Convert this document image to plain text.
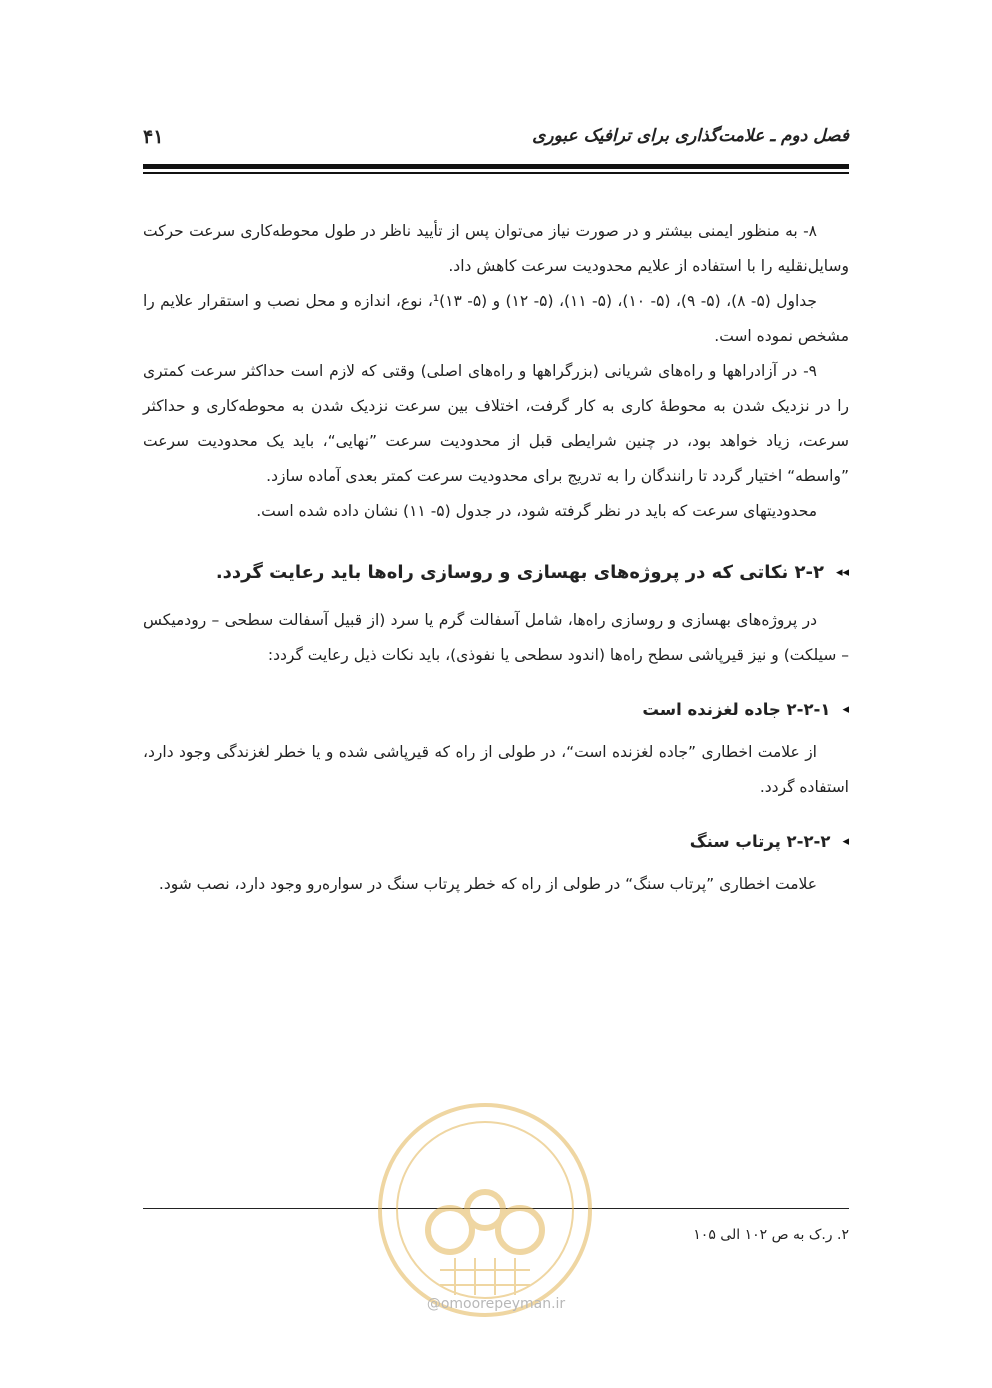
فصل دوم ـ علامت‌گذاری برای ترافیک عبوری
۴۱

۸- به منظور ایمنی بیشتر و در صورت نیاز می‌توان پس از تأیید ناظر در طول محوطه‌کاری سرعت حرکت وسایل‌نقلیه را با استفاده از علایم محدودیت سرعت کاهش داد.

جداول (۵- ۸)، (۵- ۹)، (۵- ۱۰)، (۵- ۱۱)، (۵- ۱۲) و (۵- ۱۳)¹، نوع، اندازه و محل نصب و استقرار علایم را مشخص نموده است.

۹- در آزادراهها و راه‌های شریانی (بزرگراهها و راه‌های اصلی) وقتی که لازم است حداکثر سرعت کمتری را در نزدیک شدن به محوطهٔ کاری به کار گرفت، اختلاف بین سرعت نزدیک شدن به محوطه‌کاری و حداکثر سرعت، زیاد خواهد بود، در چنین شرایطی قبل از محدودیت سرعت ”نهایی“، باید یک محدودیت سرعت ”واسطه“ اختیار گردد تا رانندگان را به تدریج برای محدودیت سرعت کمتر بعدی آماده سازد.

محدودیتهای سرعت که باید در نظر گرفته شود، در جدول (۵- ۱۱) نشان داده شده است.

◂◂
۲-۲ نکاتی که در پروژه‌های بهسازی و روسازی راه‌ها باید رعایت گردد.

در پروژه‌های بهسازی و روسازی راه‌ها، شامل آسفالت گرم یا سرد (از قبیل آسفالت سطحی – رودمیکس – سیلکت) و نیز قیرپاشی سطح راه‌ها (اندود سطحی یا نفوذی)، باید نکات ذیل رعایت گردد:

◂
۲-۲-۱ جاده لغزنده است

از علامت اخطاری ”جاده لغزنده است“، در طولی از راه که قیرپاشی شده و یا خطر لغزندگی وجود دارد، استفاده گردد.

◂
۲-۲-۲ پرتاب سنگ

علامت اخطاری ”پرتاب سنگ“ در طولی از راه که خطر پرتاب سنگ در سواره‌رو وجود دارد، نصب شود.

۲. ر.ک به ص ۱۰۲ الی ۱۰۵
@omoorepeyman.ir
